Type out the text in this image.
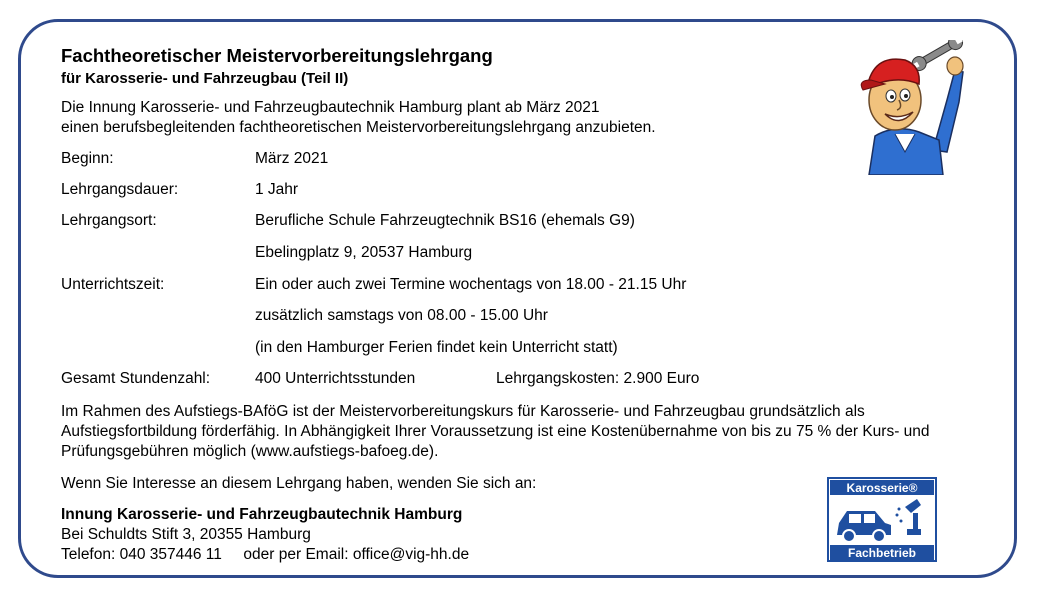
Fachtheoretischer Meistervorbereitungslehrgang
für Karosserie- und Fahrzeugbau (Teil II)
Die Innung Karosserie- und Fahrzeugbautechnik Hamburg plant ab März 2021
einen berufsbegleitenden fachtheoretischen Meistervorbereitungslehrgang anzubieten.
Beginn:	März 2021
Lehrgangsdauer:	1 Jahr
Lehrgangsort:	Berufliche Schule Fahrzeugtechnik BS16 (ehemals G9)
Ebelingplatz 9, 20537 Hamburg
Unterrichtszeit:	Ein oder auch zwei Termine wochentags von 18.00 - 21.15 Uhr
zusätzlich samstags von 08.00 - 15.00 Uhr
(in den Hamburger Ferien findet kein Unterricht statt)
Gesamt Stundenzahl:	400 Unterrichtsstunden	Lehrgangskosten: 2.900 Euro
Im Rahmen des Aufstiegs-BAföG ist der Meistervorbereitungskurs für Karosserie- und Fahrzeugbau grundsätzlich als
Aufstiegsfortbildung förderfähig. In Abhängigkeit Ihrer Voraussetzung ist eine Kostenübernahme von bis zu 75 % der Kurs- und
Prüfungsgebühren möglich (www.aufstiegs-bafoeg.de).
Wenn Sie Interesse an diesem Lehrgang haben, wenden Sie sich an:
Innung Karosserie- und Fahrzeugbautechnik Hamburg
Bei Schuldts Stift 3, 20355 Hamburg
Telefon: 040 357446 11     oder per Email: office@vig-hh.de
Karosserie®
Fachbetrieb
